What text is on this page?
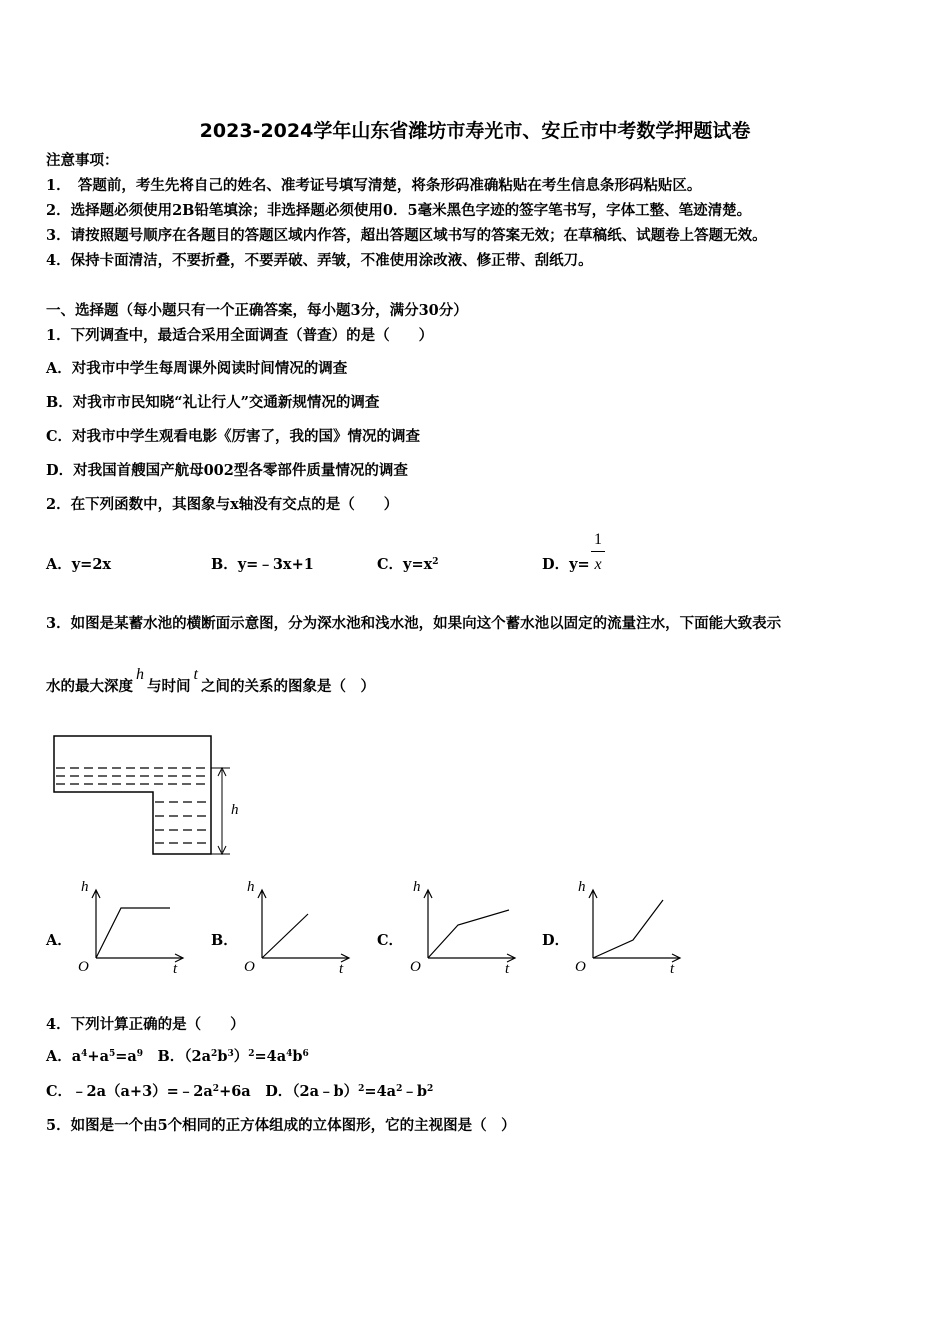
2023-2024学年山东省潍坊市寿光市、安丘市中考数学押题试卷
注意事项：
1．　答题前，考生先将自己的姓名、准考证号填写清楚，将条形码准确粘贴在考生信息条形码粘贴区。
2．选择题必须使用2B铅笔填涂；非选择题必须使用0．5毫米黑色字迹的签字笔书写，字体工整、笔迹清楚。
3．请按照题号顺序在各题目的答题区域内作答，超出答题区域书写的答案无效；在草稿纸、试题卷上答题无效。
4．保持卡面清洁，不要折叠，不要弄破、弄皱，不准使用涂改液、修正带、刮纸刀。
一、选择题（每小题只有一个正确答案，每小题3分，满分30分）
1．下列调查中，最适合采用全面调查（普查）的是（　　）
A．对我市中学生每周课外阅读时间情况的调查
B．对我市市民知晓“礼让行人”交通新规情况的调查
C．对我市中学生观看电影《厉害了，我的国》情况的调查
D．对我国首艘国产航母002型各零部件质量情况的调查
2．在下列函数中，其图象与x轴没有交点的是（　　）
A．y=2x	B．y=﹣3x+1	C．$y=x^2$	D．y=
1
x
3．如图是某蓄水池的横断面示意图，分为深水池和浅水池，如果向这个蓄水池以固定的流量注水，下面能大致表示
水的最大深度h与时间t之间的关系的图象是（　）
h
A．
h
O	t
B．
h
O	t
C．
h
O	t
D．
h
O	t
4．下列计算正确的是（　　）
A．$a^4+a^5=a^9$　B．$(2a^2b^3)^2=4a^4b^6$
C．$﹣2a(a+3)=﹣2a^2+6a$　D．$(2a﹣b)^2=4a^2﹣b^2$
5．如图是一个由5个相同的正方体组成的立体图形，它的主视图是（　）
